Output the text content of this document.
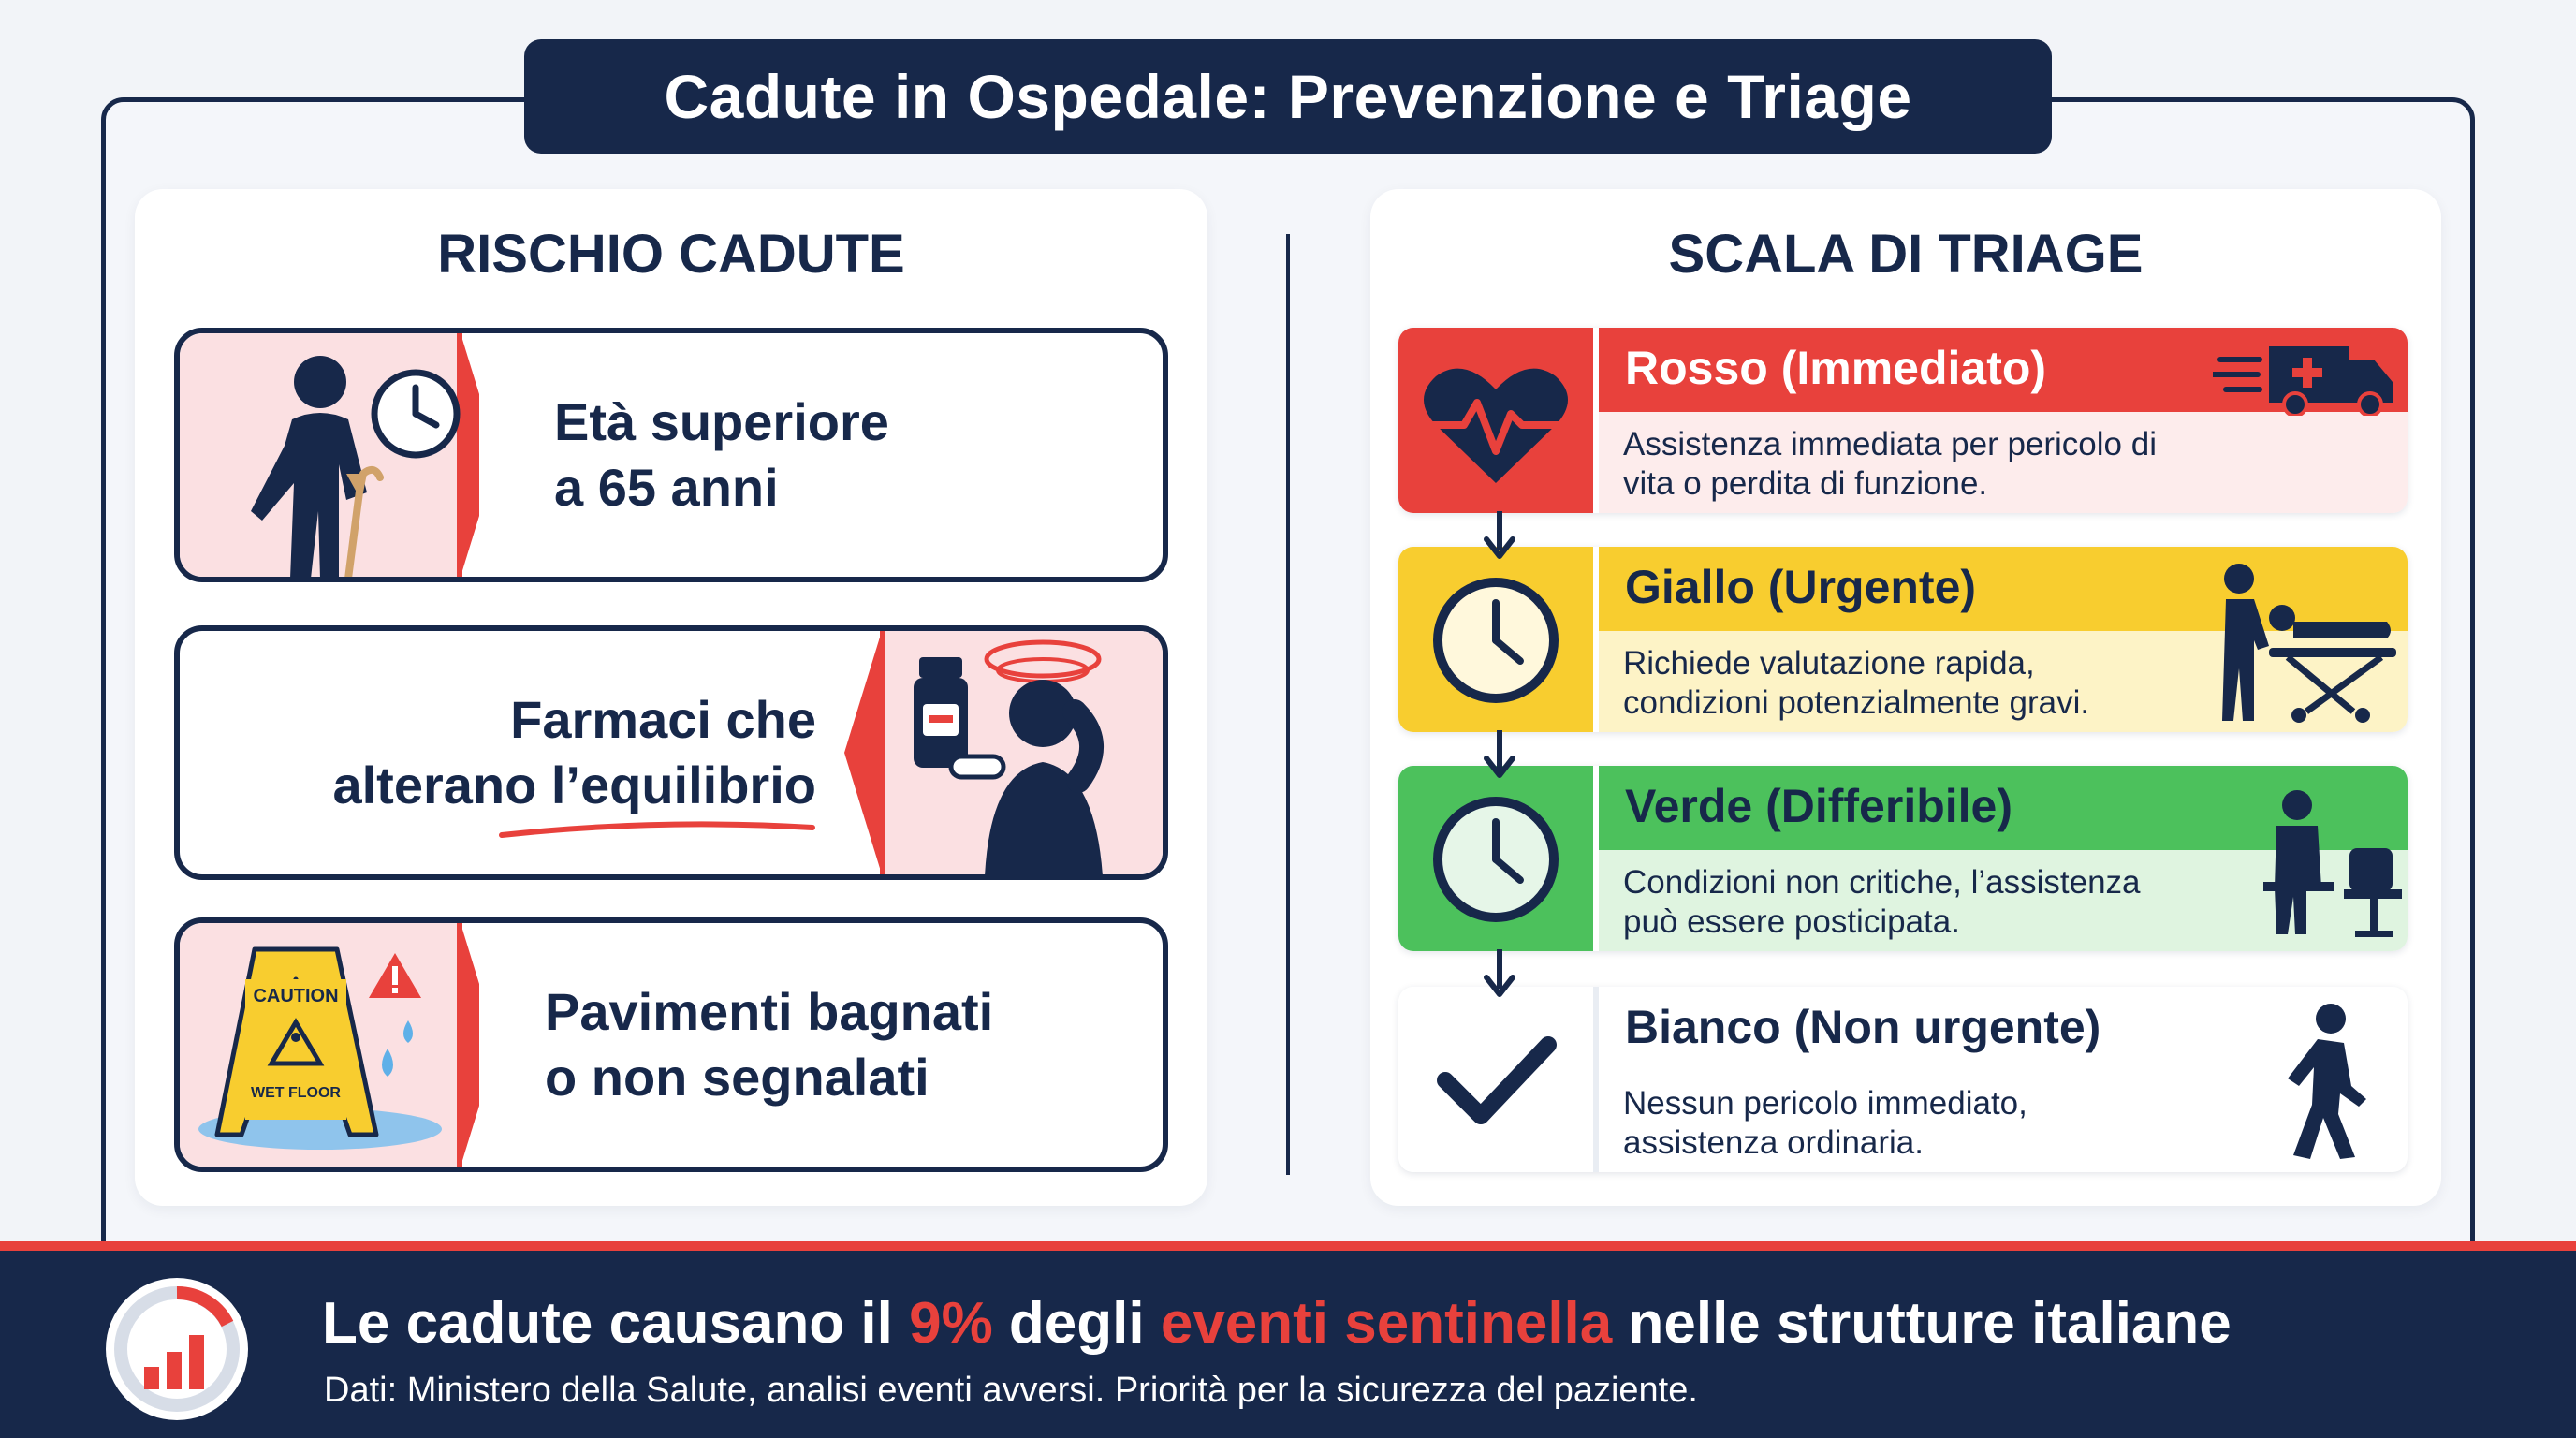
Cadute in Ospedale: Prevenzione e Triage
RISCHIO CADUTE
Età superiore
a 65 anni
Farmaci che
alterano l’equilibrio
CAUTION
WET FLOOR
Pavimenti bagnati
o non segnalati
SCALA DI TRIAGE
Rosso (Immediato)
Assistenza immediata per pericolo di
vita o perdita di funzione.
Giallo (Urgente)
Richiede valutazione rapida,
condizioni potenzialmente gravi.
Verde (Differibile)
Condizioni non critiche, l’assistenza
può essere posticipata.
Bianco (Non urgente)
Nessun pericolo immediato,
assistenza ordinaria.
Le cadute causano il 9% degli eventi sentinella nelle strutture italiane
Dati: Ministero della Salute, analisi eventi avversi. Priorità per la sicurezza del paziente.
